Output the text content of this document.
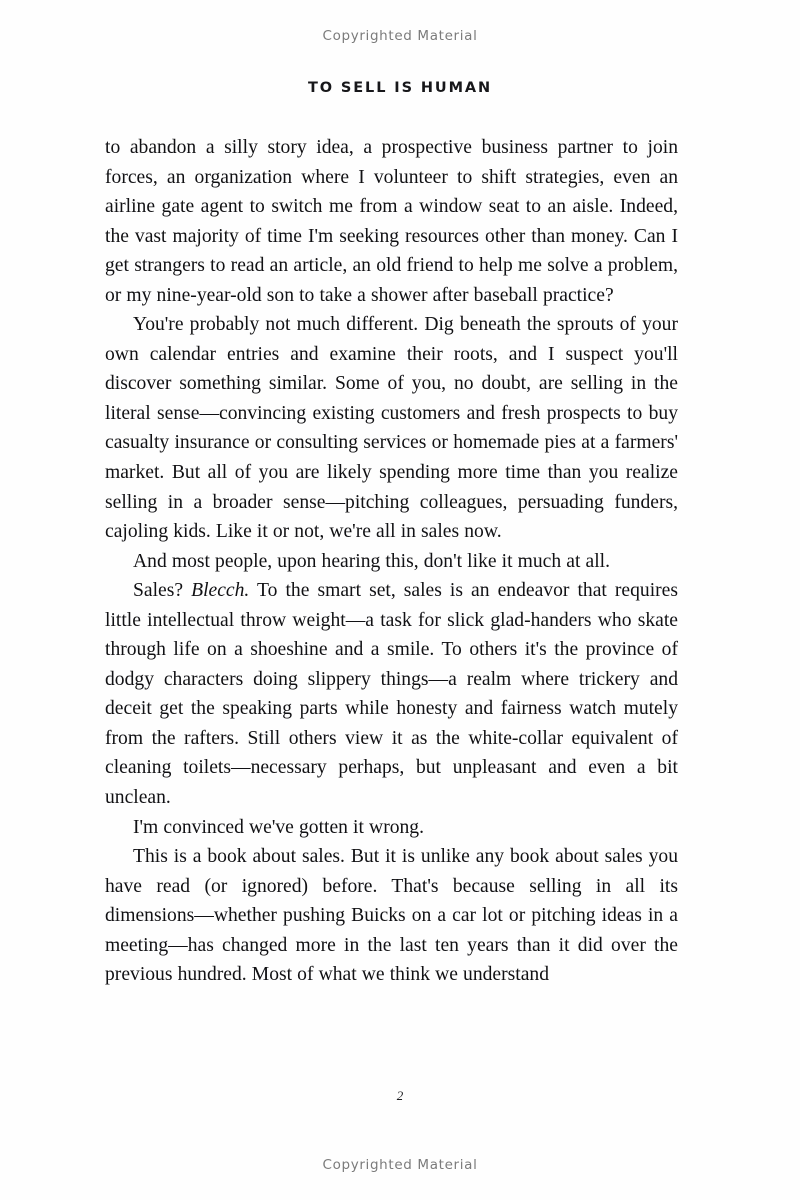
Copyrighted Material
TO SELL IS HUMAN

to abandon a silly story idea, a prospective business partner to join forces, an organization where I volunteer to shift strategies, even an airline gate agent to switch me from a window seat to an aisle. Indeed, the vast majority of time I'm seeking resources other than money. Can I get strangers to read an article, an old friend to help me solve a problem, or my nine-year-old son to take a shower after baseball practice?

You're probably not much different. Dig beneath the sprouts of your own calendar entries and examine their roots, and I suspect you'll discover something similar. Some of you, no doubt, are selling in the literal sense—convincing existing customers and fresh prospects to buy casualty insurance or consulting services or homemade pies at a farmers' market. But all of you are likely spending more time than you realize selling in a broader sense—pitching colleagues, persuading funders, cajoling kids. Like it or not, we're all in sales now.

And most people, upon hearing this, don't like it much at all.

Sales? Blecch. To the smart set, sales is an endeavor that requires little intellectual throw weight—a task for slick glad-handers who skate through life on a shoeshine and a smile. To others it's the province of dodgy characters doing slippery things—a realm where trickery and deceit get the speaking parts while honesty and fairness watch mutely from the rafters. Still others view it as the white-collar equivalent of cleaning toilets—necessary perhaps, but unpleasant and even a bit unclean.

I'm convinced we've gotten it wrong.

This is a book about sales. But it is unlike any book about sales you have read (or ignored) before. That's because selling in all its dimensions—whether pushing Buicks on a car lot or pitching ideas in a meeting—has changed more in the last ten years than it did over the previous hundred. Most of what we think we understand

2
Copyrighted Material
